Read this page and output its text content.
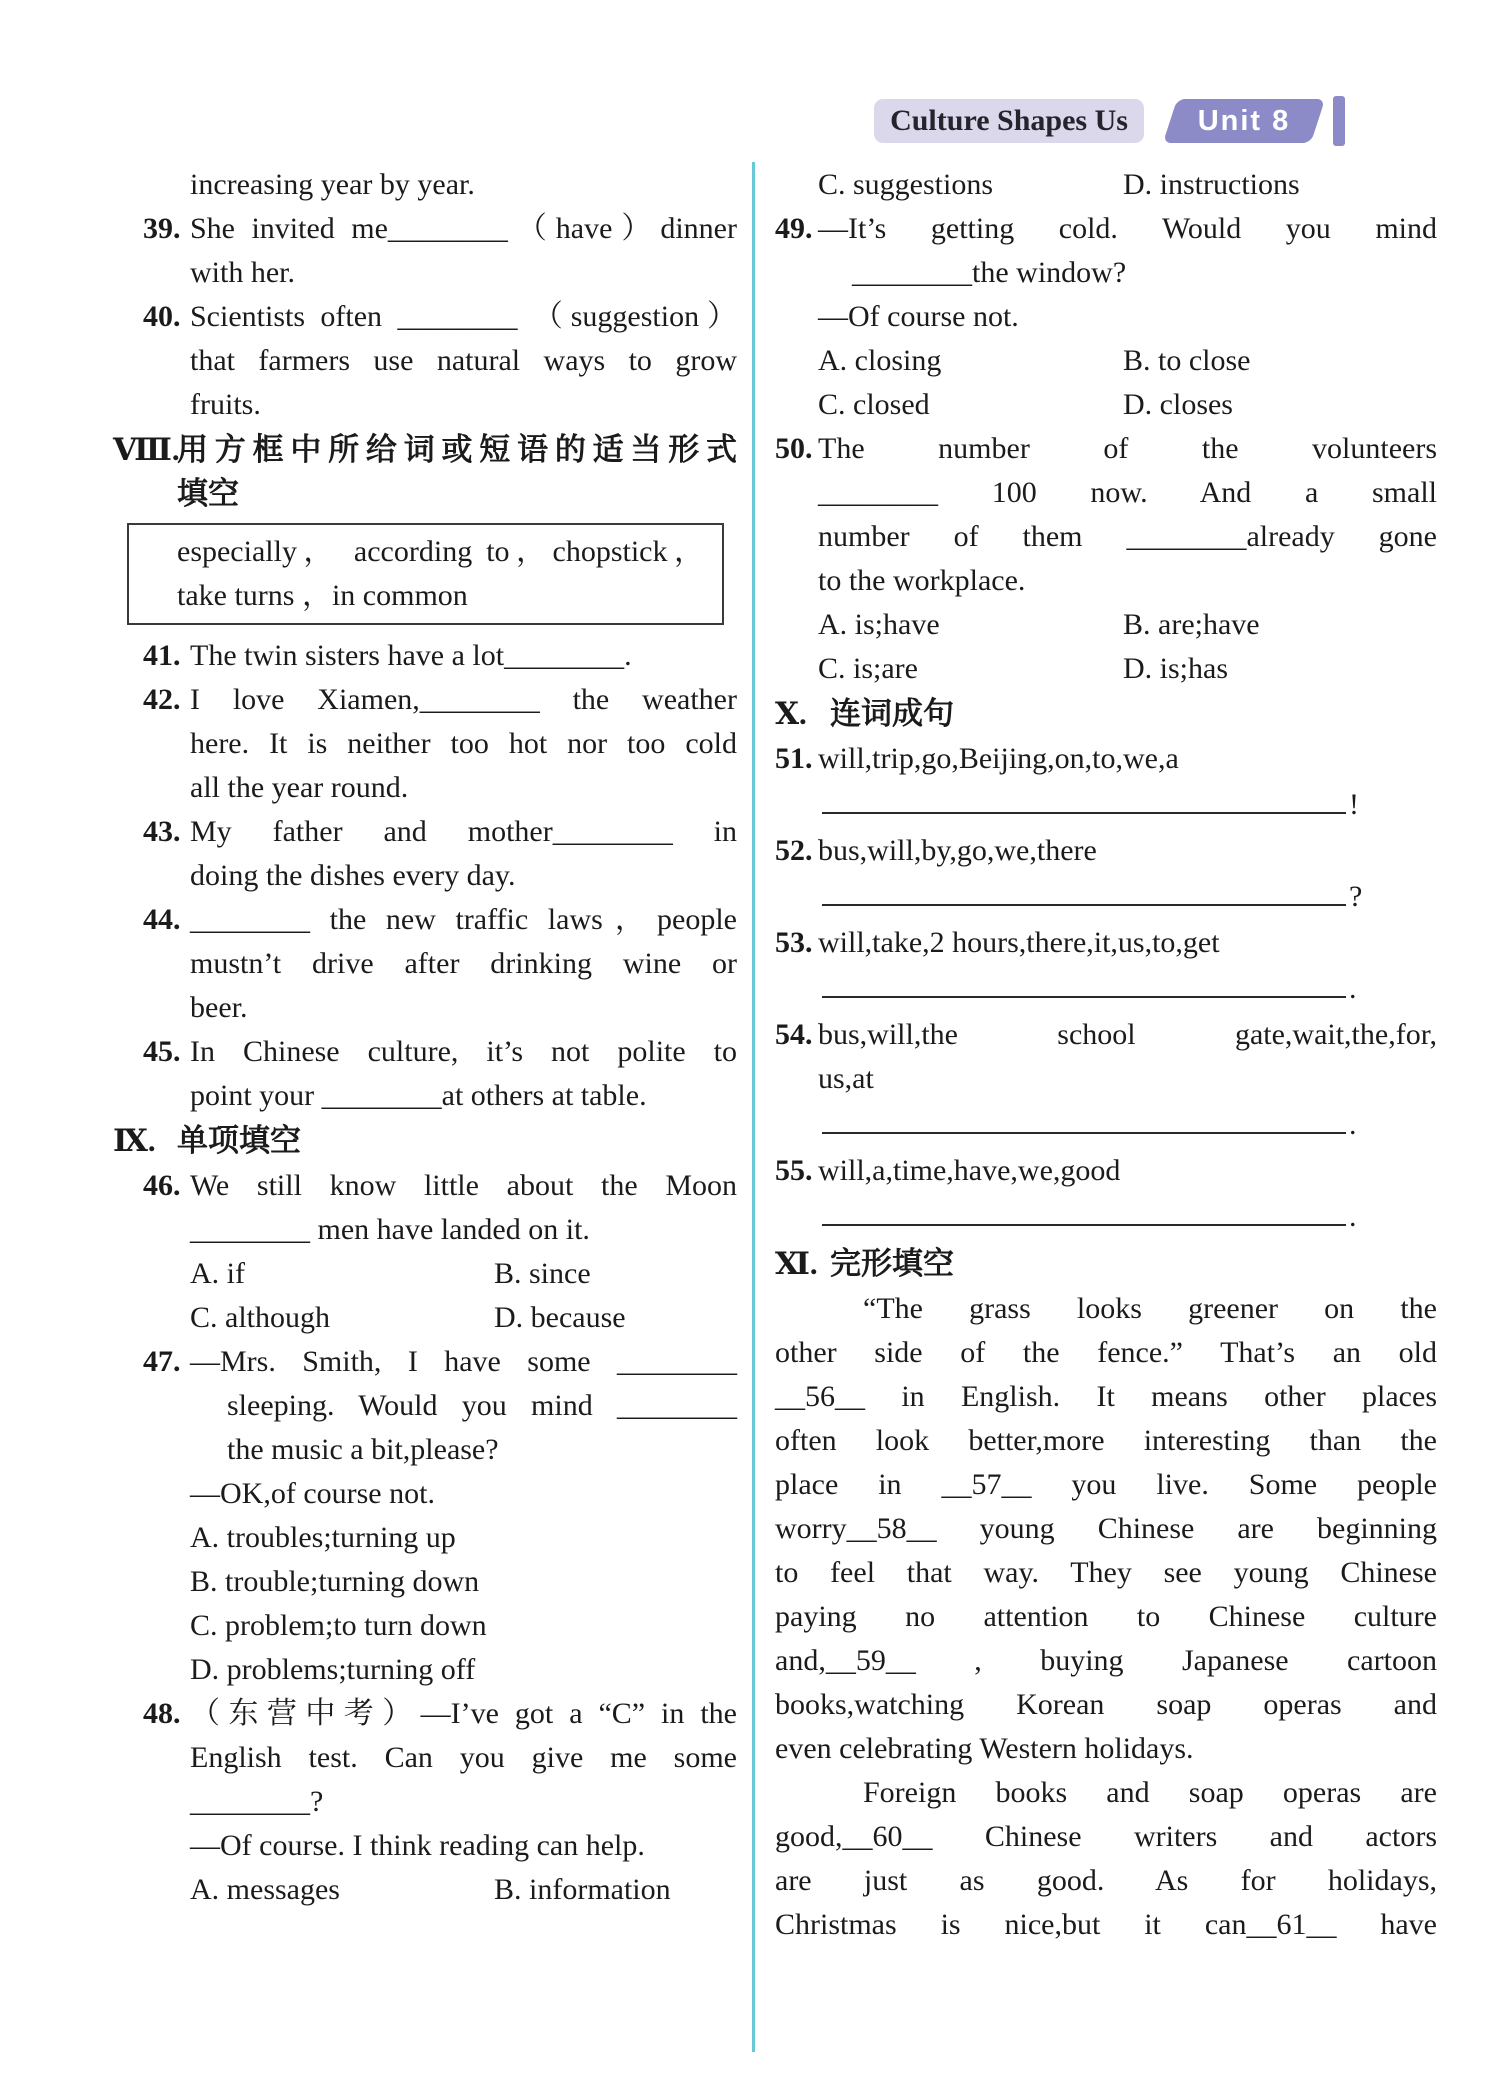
Culture Shapes Us	Unit 8
increasing year by year.
39. She invited me________（have）dinner
with her.
40. Scientists often ________ （suggestion）
that farmers use natural ways to grow
fruits.
Ⅷ.
用方框中所给词或短语的适当形式
填空
especially， according to，chopstick，
take turns ，in common
41. The twin sisters have a lot________.
42. I love Xiamen,________ the weather
here. It is neither too hot nor too cold
all the year round.
43. My father and mother________ in
doing the dishes every day.
44. ________ the new traffic laws，people
mustn’t drive after drinking wine or
beer.
45. In Chinese culture, it’s not polite to
point your ________at others at table.
Ⅸ. 单项填空
46. We still know little about the Moon
________ men have landed on it.
A. if	B. since
C. although	D. because
47. —Mrs. Smith, I have some ________
sleeping. Would you mind ________
the music a bit,please?
—OK,of course not.
A. troubles;turning up
B. trouble;turning down
C. problem;to turn down
D. problems;turning off
48. （东营中考）—I’ve got a “C” in the
English test. Can you give me some
________?
—Of course. I think reading can help.
A. messages	B. information
C. suggestions	D. instructions
49. —It’s getting cold. Would you mind
________the window?
—Of course not.
A. closing	B. to close
C. closed	D. closes
50. The number of the volunteers
________ 100 now. And a small
number of them ________already gone
to the workplace.
A. is;have	B. are;have
C. is;are	D. is;has
Ⅹ. 连词成句
51. will,trip,go,Beijing,on,to,we,a
!
52. bus,will,by,go,we,there
?
53. will,take,2 hours,there,it,us,to,get
.
54. bus,will,the school gate,wait,the,for,
us,at
.
55. will,a,time,have,we,good
.
Ⅺ. 完形填空
“The grass looks greener on the
other side of the fence.” That’s an old
__56__ in English. It means other places
often look better,more interesting than the
place in __57__ you live. Some people
worry__58__ young Chinese are beginning
to feel that way. They see young Chinese
paying no attention to Chinese culture
and,__59__ , buying Japanese cartoon
books,watching Korean soap operas and
even celebrating Western holidays.
Foreign books and soap operas are
good,__60__ Chinese writers and actors
are just as good. As for holidays,
Christmas is nice,but it can__61__ have
